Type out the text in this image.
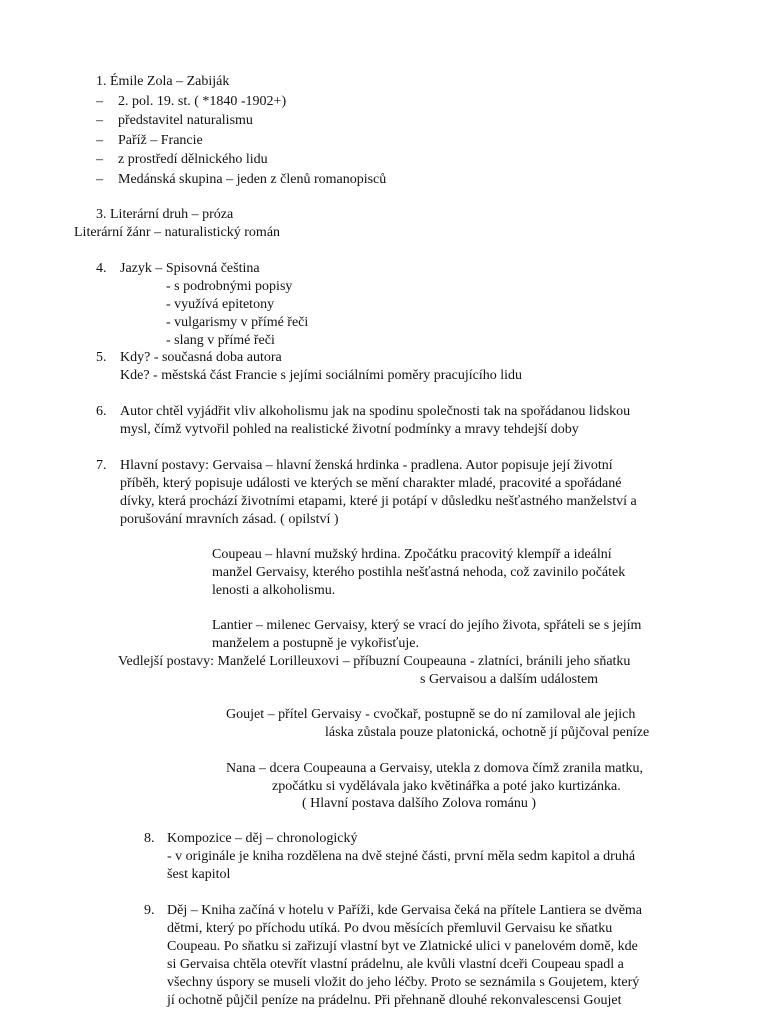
1. Émile Zola – Zabiják
– 2. pol. 19. st. ( *1840 -1902+)
– představitel naturalismu
– Paříž – Francie
– z prostředí dělnického lidu
– Medánská skupina – jeden z členů romanopisců
3. Literární druh – próza
Literární žánr – naturalistický román
4. Jazyk – Spisovná čeština
- s podrobnými popisy
- využívá epitetony
- vulgarismy v přímé řeči
- slang v přímé řeči
5. Kdy? - současná doba autora
Kde? - městská část Francie s jejími sociálními poměry pracujícího lidu
6. Autor chtěl vyjádřit vliv alkoholismu jak na spodinu společnosti tak na spořádanou lidskou
mysl, čímž vytvořil pohled na realistické životní podmínky a mravy tehdejší doby
7. Hlavní postavy: Gervaisa – hlavní ženská hrdinka - pradlena. Autor popisuje její životní
příběh, který popisuje události ve kterých se mění charakter mladé, pracovité a spořádané
dívky, která prochází životními etapami, které ji potápí v důsledku nešťastného manželství a
porušování mravních zásad. ( opilství )
Coupeau – hlavní mužský hrdina. Zpočátku pracovitý klempíř a ideální
manžel Gervaisy, kterého postihla nešťastná nehoda, což zavinilo počátek
lenosti a alkoholismu.
Lantier – milenec Gervaisy, který se vrací do jejího života, spřáteli se s jejím
manželem a postupně je vykořisťuje.
Vedlejší postavy: Manželé Lorilleuxovi – příbuzní Coupeauna - zlatníci, bránili jeho sňatku
s Gervaisou a dalším událostem
Goujet – přítel Gervaisy - cvočkař, postupně se do ní zamiloval ale jejich
láska zůstala pouze platonická, ochotně jí půjčoval peníze
Nana – dcera Coupeauna a Gervaisy, utekla z domova čímž zranila matku,
zpočátku si vydělávala jako květinářka a poté jako kurtizánka.
( Hlavní postava dalšího Zolova románu )
8. Kompozice – děj – chronologický
- v originále je kniha rozdělena na dvě stejné části, první měla sedm kapitol a druhá
šest kapitol
9. Děj – Kniha začíná v hotelu v Paříži, kde Gervaisa čeká na přítele Lantiera se dvěma
dětmi, který po příchodu utíká. Po dvou měsících přemluvil Gervaisu ke sňatku
Coupeau. Po sňatku si zařizují vlastní byt ve Zlatnické ulici v panelovém domě, kde
si Gervaisa chtěla otevřít vlastní prádelnu, ale kvůli vlastní dceři Coupeau spadl a
všechny úspory se museli vložit do jeho léčby. Proto se seznámila s Goujetem, který
jí ochotně půjčil peníze na prádelnu. Při přehnaně dlouhé rekonvalescensi Goujet
